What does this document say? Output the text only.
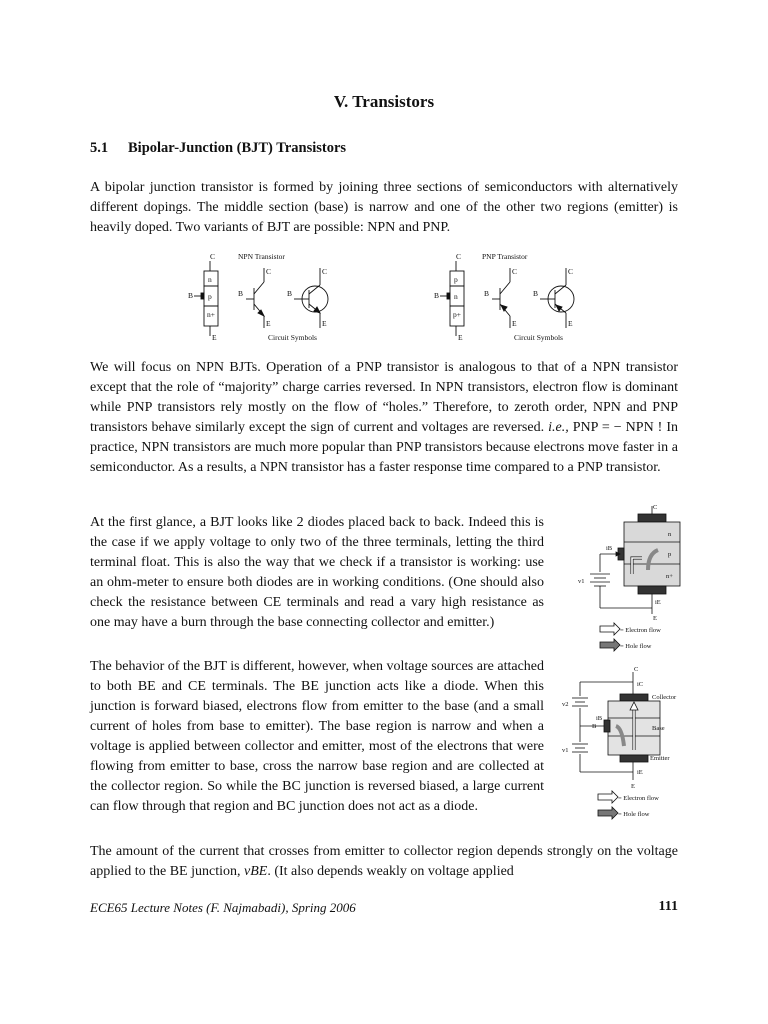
V. Transistors
5.1 Bipolar-Junction (BJT) Transistors

A bipolar junction transistor is formed by joining three sections of semiconductors with alternatively different dopings. The middle section (base) is narrow and one of the other two regions (emitter) is heavily doped. Two variants of BJT are possible: NPN and PNP.

C	NPN Transistor
n
p
n+
B
E
C
B
E
C
B
E
Circuit Symbols
C	PNP Transistor
p
n
p+
B
E
C
B
E
C
B
E
Circuit Symbols

We will focus on NPN BJTs. Operation of a PNP transistor is analogous to that of a NPN transistor except that the role of “majority” charge carries reversed. In NPN transistors, electron flow is dominant while PNP transistors rely mostly on the flow of “holes.” Therefore, to zeroth order, NPN and PNP transistors behave similarly except the sign of current and voltages are reversed. i.e., PNP = − NPN ! In practice, NPN transistors are much more popular than PNP transistors because electrons move faster in a semiconductor. As a results, a NPN transistor has a faster response time compared to a PNP transistor.

At the first glance, a BJT looks like 2 diodes placed back to back. Indeed this is the case if we apply voltage to only two of the three terminals, letting the third terminal float. This is also the way that we check if a transistor is working: use an ohm-meter to ensure both diodes are in working conditions. (One should also check the resistance between CE terminals and read a vary high resistance as one may have a burn through the base connecting collector and emitter.)

C
n
p
n+
iB
v1
iE
E
= Electron flow
= Hole flow

The behavior of the BJT is different, however, when voltage sources are attached to both BE and CE terminals. The BE junction acts like a diode. When this junction is forward biased, electrons flow from emitter to the base (and a small current of holes from base to emitter). The base region is narrow and when a voltage is applied between collector and emitter, most of the electrons that were flowing from emitter to base, cross the narrow base region and are collected at the collector region. So while the BC junction is reversed biased, a large current can flow through that region and BC junction does not act as a diode.

C
iC
Collector
Base
Emitter
iB
B
v2
v1
iE
E
= Electron flow
= Hole flow

The amount of the current that crosses from emitter to collector region depends strongly on the voltage applied to the BE junction, vBE. (It also depends weakly on voltage applied

ECE65 Lecture Notes (F. Najmabadi), Spring 2006	111
